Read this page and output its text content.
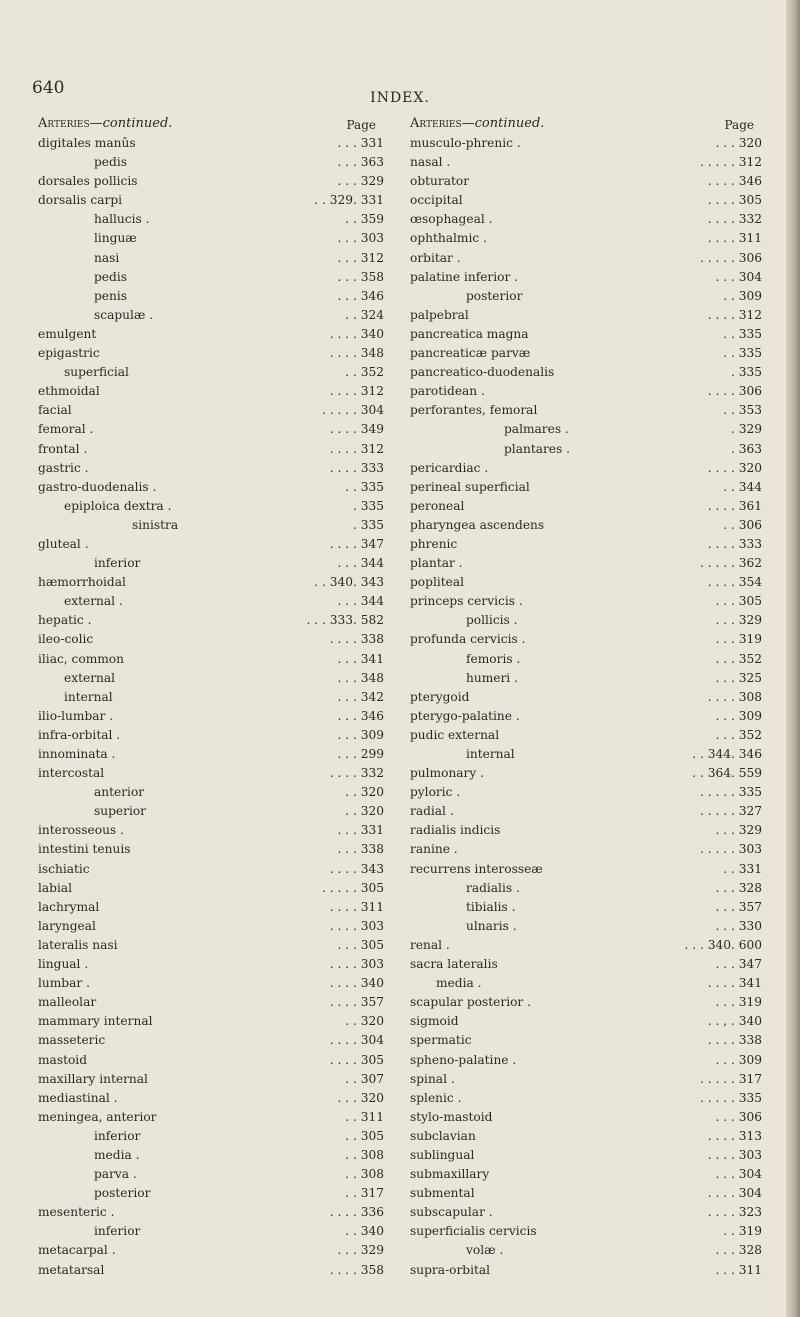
640	INDEX.
Arteries—continued.	Page
digitales manûs	. . . 331
pedis	. . . 363
dorsales pollicis	. . . 329
dorsalis carpi	. . 329. 331
hallucis .	. . 359
linguæ	. . . 303
nasi	. . . 312
pedis	. . . 358
penis	. . . 346
scapulæ .	. . 324
emulgent	. . . . 340
epigastric	. . . . 348
superficial	. . 352
ethmoidal	. . . . 312
facial	. . . . . 304
femoral .	. . . . 349
frontal .	. . . . 312
gastric .	. . . . 333
gastro-duodenalis .	. . 335
epiploica dextra .	. 335
sinistra	. 335
gluteal .	. . . . 347
inferior	. . . 344
hæmorrhoidal	. . 340. 343
external .	. . . 344
hepatic .	. . . 333. 582
ileo-colic	. . . . 338
iliac, common	. . . 341
external	. . . 348
internal	. . . 342
ilio-lumbar .	. . . 346
infra-orbital .	. . . 309
innominata .	. . . 299
intercostal	. . . . 332
anterior	. . 320
superior	. . 320
interosseous .	. . . 331
intestini tenuis	. . . 338
ischiatic	. . . . 343
labial	. . . . . 305
lachrymal	. . . . 311
laryngeal	. . . . 303
lateralis nasi	. . . 305
lingual .	. . . . 303
lumbar .	. . . . 340
malleolar	. . . . 357
mammary internal	. . 320
masseteric	. . . . 304
mastoid	. . . . 305
maxillary internal	. . 307
mediastinal .	. . . 320
meningea, anterior	. . 311
inferior	. . 305
media .	. . 308
parva .	. . 308
posterior	. . 317
mesenteric .	. . . . 336
inferior	. . 340
metacarpal .	. . . 329
metatarsal	. . . . 358
Arteries—continued.	Page
musculo-phrenic .	. . . 320
nasal .	. . . . . 312
obturator	. . . . 346
occipital	. . . . 305
œsophageal .	. . . . 332
ophthalmic .	. . . . 311
orbitar .	. . . . . 306
palatine inferior .	. . . 304
posterior	. . 309
palpebral	. . . . 312
pancreatica magna	. . 335
pancreaticæ parvæ	. . 335
pancreatico-duodenalis	. 335
parotidean .	. . . . 306
perforantes, femoral	. . 353
palmares .	. 329
plantares .	. 363
pericardiac .	. . . . 320
perineal superficial	. . 344
peroneal	. . . . 361
pharyngea ascendens	. . 306
phrenic	. . . . 333
plantar .	. . . . . 362
popliteal	. . . . 354
princeps cervicis .	. . . 305
pollicis .	. . . 329
profunda cervicis .	. . . 319
femoris .	. . . 352
humeri .	. . . 325
pterygoid	. . . . 308
pterygo-palatine .	. . . 309
pudic external	. . . 352
internal	. . 344. 346
pulmonary .	. . 364. 559
pyloric .	. . . . . 335
radial .	. . . . . 327
radialis indicis	. . . 329
ranine .	. . . . . 303
recurrens interosseæ	. . 331
radialis .	. . . 328
tibialis .	. . . 357
ulnaris .	. . . 330
renal .	. . . 340. 600
sacra lateralis	. . . 347
media .	. . . . 341
scapular posterior .	. . . 319
sigmoid	. . , . 340
spermatic	. . . . 338
spheno-palatine .	. . . 309
spinal .	. . . . . 317
splenic .	. . . . . 335
stylo-mastoid	. . . 306
subclavian	. . . . 313
sublingual	. . . . 303
submaxillary	. . . 304
submental	. . . . 304
subscapular .	. . . . 323
superficialis cervicis	. . 319
volæ .	. . . 328
supra-orbital	. . . 311
